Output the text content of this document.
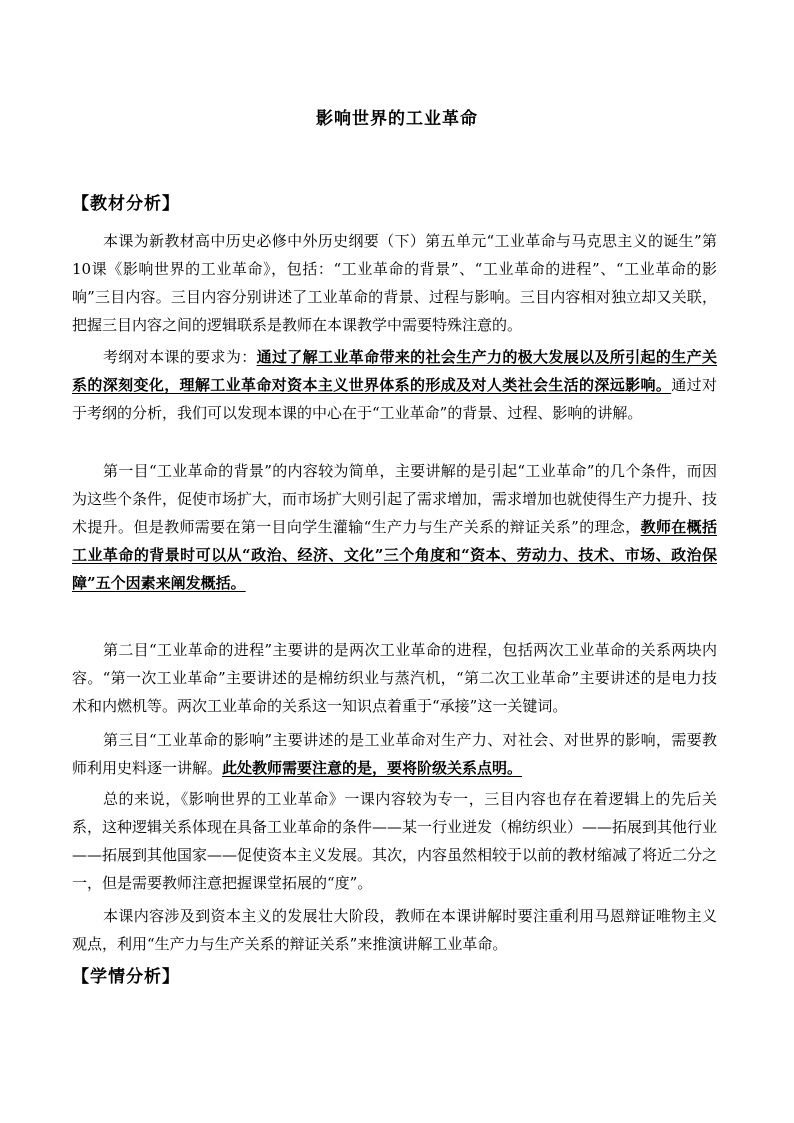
影响世界的工业革命
【教材分析】

本课为新教材高中历史必修中外历史纲要（下）第五单元“工业革命与马克思主义的诞生”第10课《影响世界的工业革命》，包括：“工业革命的背景”、“工业革命的进程”、“工业革命的影响”三目内容。三目内容分别讲述了工业革命的背景、过程与影响。三目内容相对独立却又关联，把握三目内容之间的逻辑联系是教师在本课教学中需要特殊注意的。

考纲对本课的要求为：通过了解工业革命带来的社会生产力的极大发展以及所引起的生产关系的深刻变化，理解工业革命对资本主义世界体系的形成及对人类社会生活的深远影响。通过对于考纲的分析，我们可以发现本课的中心在于“工业革命”的背景、过程、影响的讲解。

第一目“工业革命的背景”的内容较为简单，主要讲解的是引起“工业革命”的几个条件，而因为这些个条件，促使市场扩大，而市场扩大则引起了需求增加，需求增加也就使得生产力提升、技术提升。但是教师需要在第一目向学生灌输“生产力与生产关系的辩证关系”的理念，教师在概括工业革命的背景时可以从“政治、经济、文化”三个角度和“资本、劳动力、技术、市场、政治保障”五个因素来阐发概括。

第二目“工业革命的进程”主要讲的是两次工业革命的进程，包括两次工业革命的关系两块内容。“第一次工业革命”主要讲述的是棉纺织业与蒸汽机，“第二次工业革命”主要讲述的是电力技术和内燃机等。两次工业革命的关系这一知识点着重于“承接”这一关键词。

第三目“工业革命的影响”主要讲述的是工业革命对生产力、对社会、对世界的影响，需要教师利用史料逐一讲解。此处教师需要注意的是，要将阶级关系点明。

总的来说，《影响世界的工业革命》一课内容较为专一，三目内容也存在着逻辑上的先后关系，这种逻辑关系体现在具备工业革命的条件——某一行业迸发（棉纺织业）——拓展到其他行业——拓展到其他国家——促使资本主义发展。其次，内容虽然相较于以前的教材缩减了将近二分之一，但是需要教师注意把握课堂拓展的“度”。

本课内容涉及到资本主义的发展壮大阶段，教师在本课讲解时要注重利用马恩辩证唯物主义观点，利用“生产力与生产关系的辩证关系”来推演讲解工业革命。

【学情分析】
